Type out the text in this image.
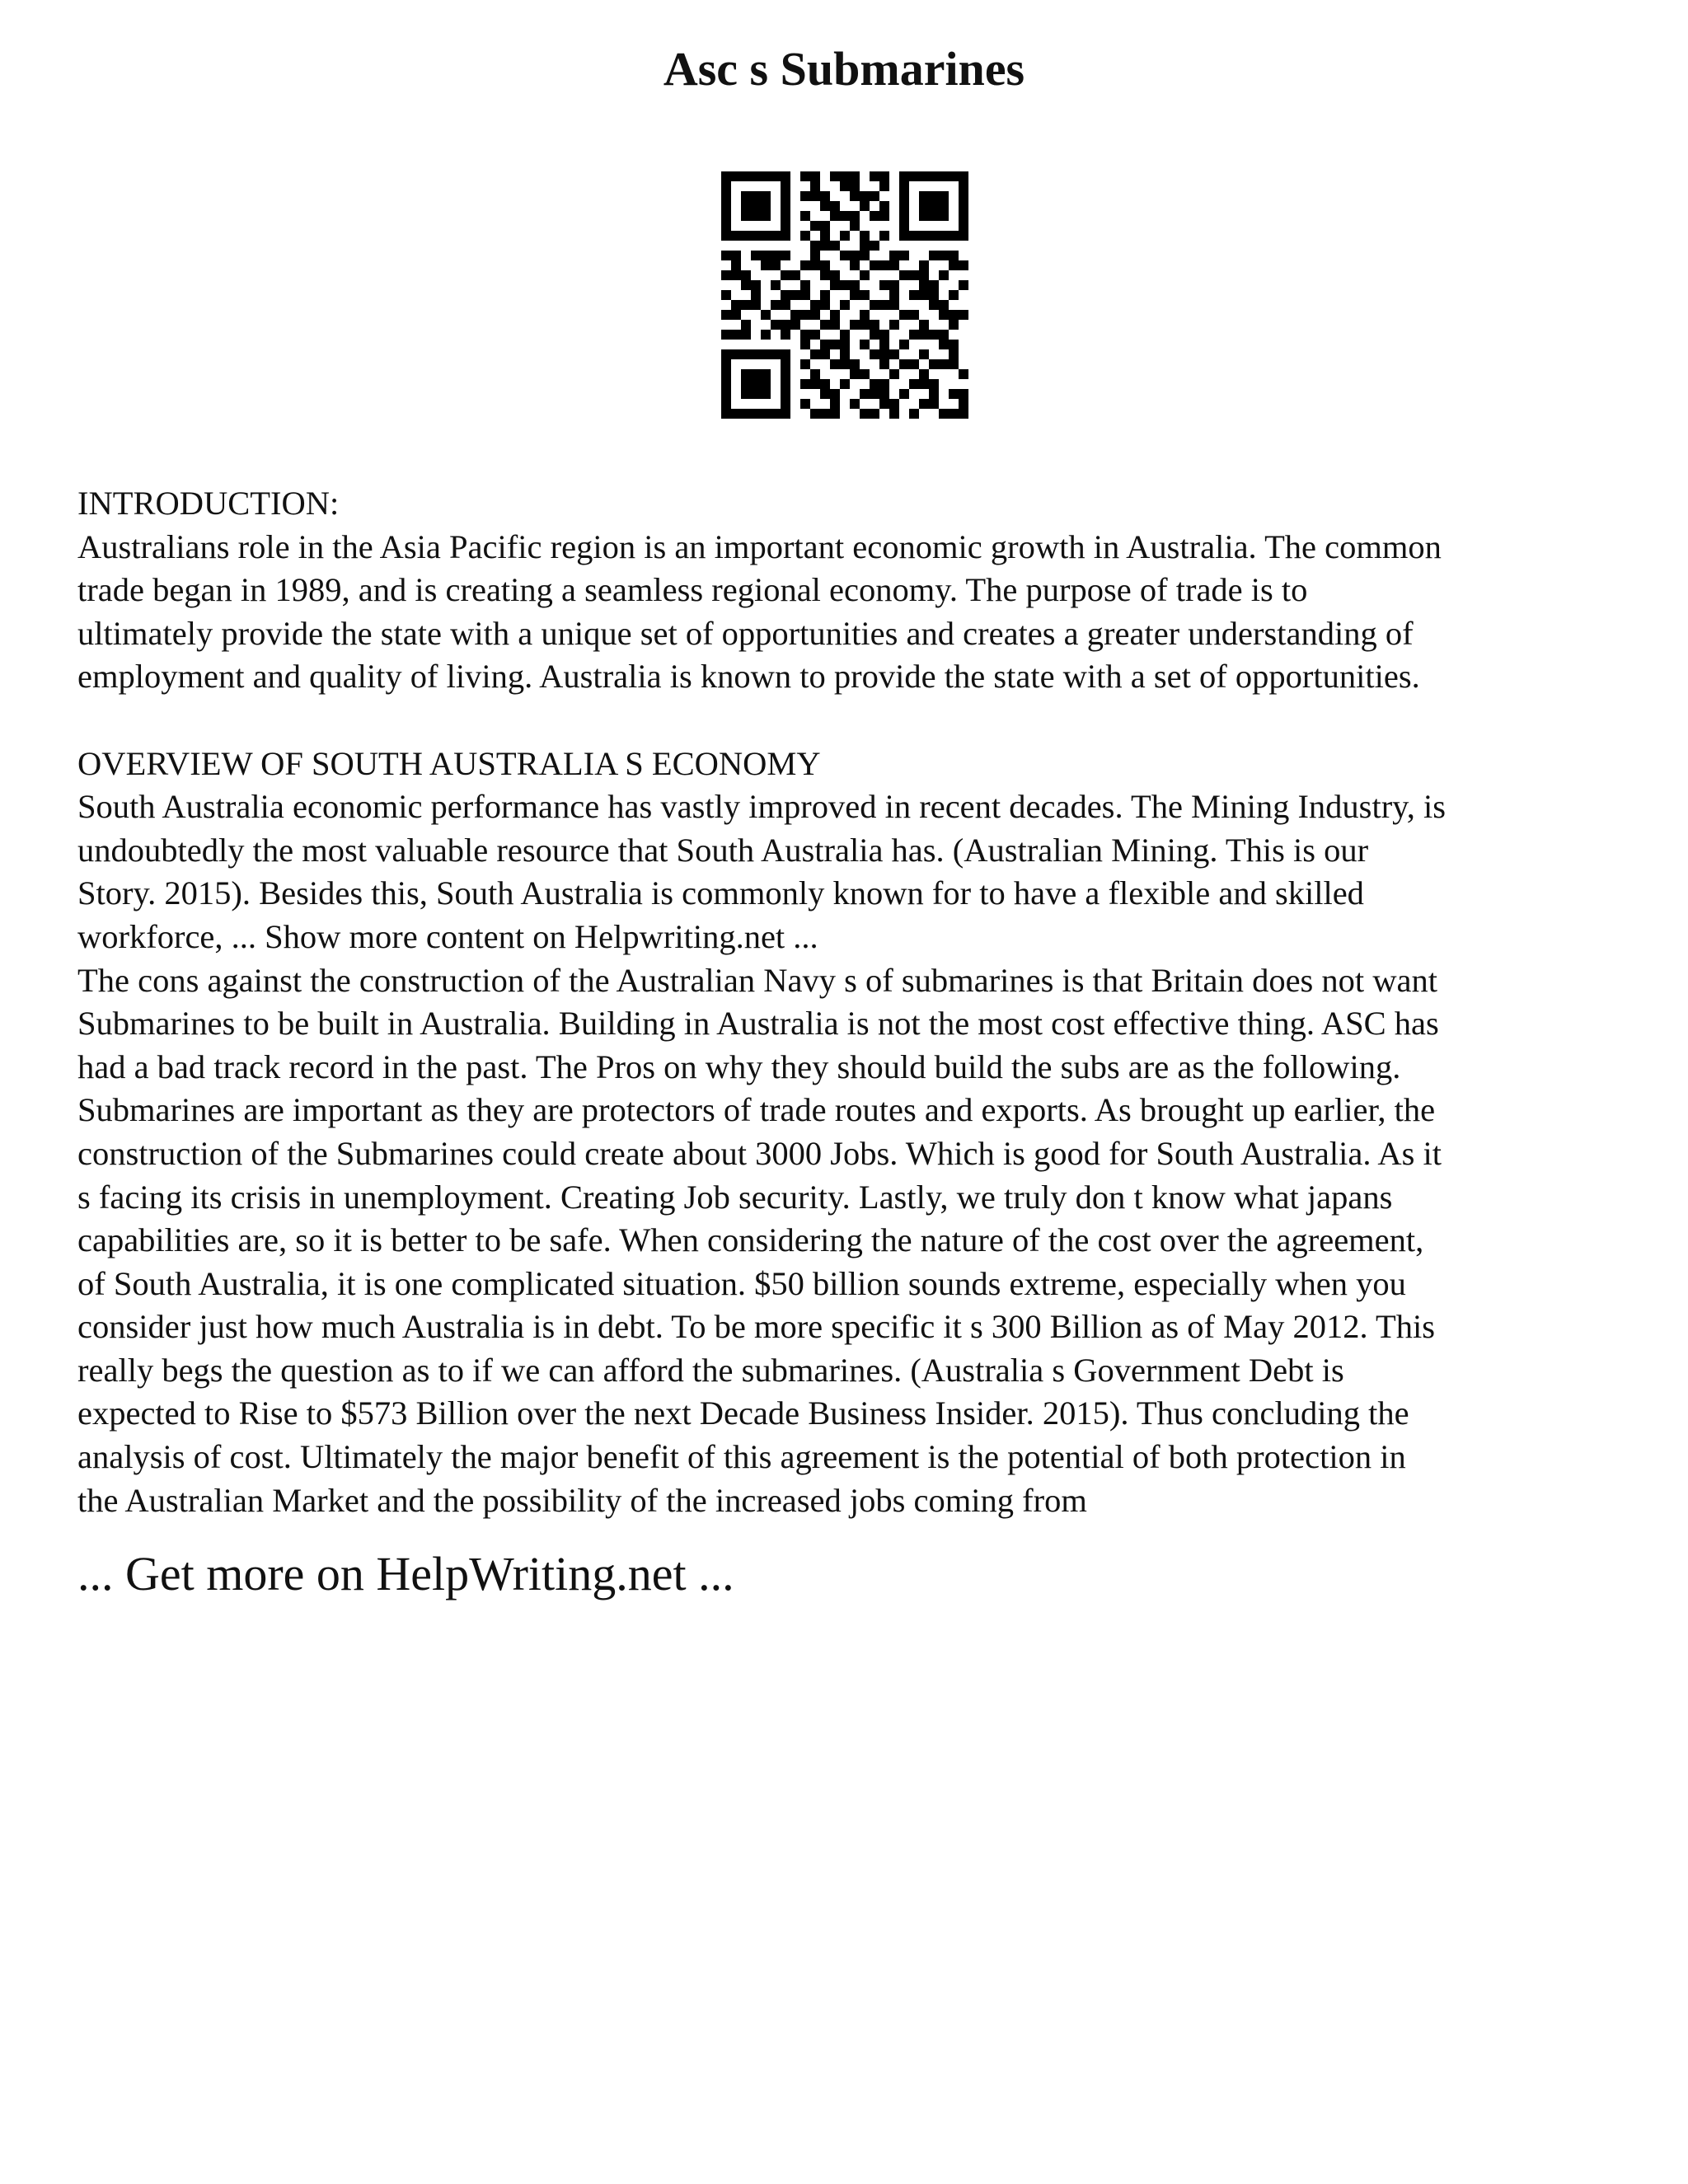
Asc s Submarines
INTRODUCTION:
Australians role in the Asia Pacific region is an important economic growth in Australia. The common
trade began in 1989, and is creating a seamless regional economy. The purpose of trade is to
ultimately provide the state with a unique set of opportunities and creates a greater understanding of
employment and quality of living. Australia is known to provide the state with a set of opportunities.
OVERVIEW OF SOUTH AUSTRALIA S ECONOMY
South Australia economic performance has vastly improved in recent decades. The Mining Industry, is
undoubtedly the most valuable resource that South Australia has. (Australian Mining. This is our
Story. 2015). Besides this, South Australia is commonly known for to have a flexible and skilled
workforce, ... Show more content on Helpwriting.net ...
The cons against the construction of the Australian Navy s of submarines is that Britain does not want
Submarines to be built in Australia. Building in Australia is not the most cost effective thing. ASC has
had a bad track record in the past. The Pros on why they should build the subs are as the following.
Submarines are important as they are protectors of trade routes and exports. As brought up earlier, the
construction of the Submarines could create about 3000 Jobs. Which is good for South Australia. As it
s facing its crisis in unemployment. Creating Job security. Lastly, we truly don t know what japans
capabilities are, so it is better to be safe. When considering the nature of the cost over the agreement,
of South Australia, it is one complicated situation. $50 billion sounds extreme, especially when you
consider just how much Australia is in debt. To be more specific it s 300 Billion as of May 2012. This
really begs the question as to if we can afford the submarines. (Australia s Government Debt is
expected to Rise to $573 Billion over the next Decade Business Insider. 2015). Thus concluding the
analysis of cost. Ultimately the major benefit of this agreement is the potential of both protection in
the Australian Market and the possibility of the increased jobs coming from
... Get more on HelpWriting.net ...
